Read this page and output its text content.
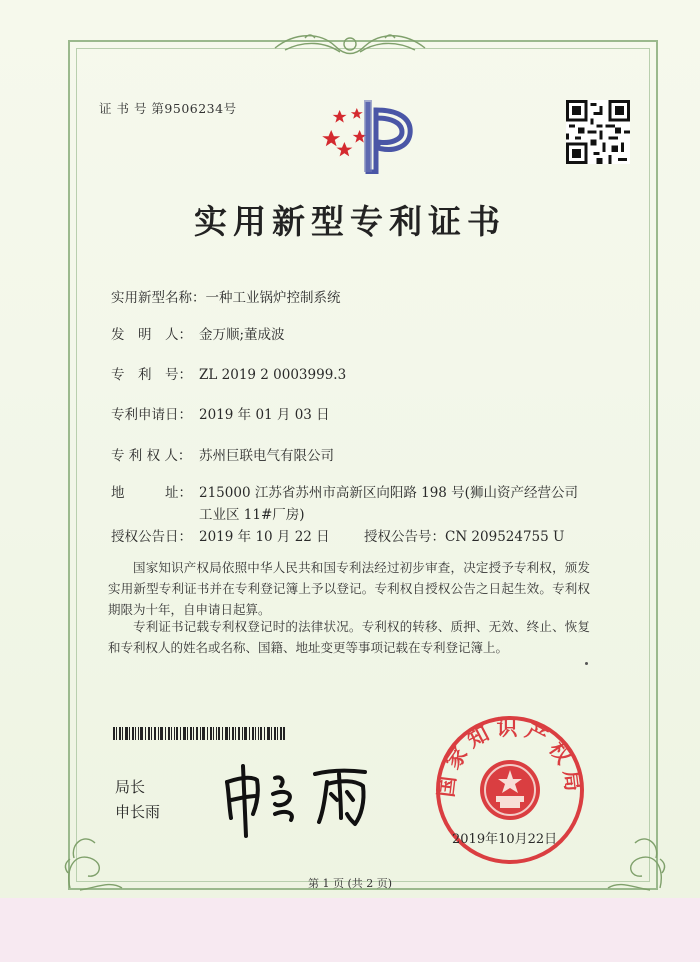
证 书 号 第9506234号
实用新型专利证书
实用新型名称：一种工业锅炉控制系统
发　明　人： 金万顺;董成波
专　利　号： ZL 2019 2 0003999.3
专利申请日： 2019 年 01 月 03 日
专 利 权 人： 苏州巨联电气有限公司
地　　　址： 215000 江苏省苏州市高新区向阳路 198 号(狮山资产经营公司工业区 11#厂房)
授权公告日： 2019 年 10 月 22 日	授权公告号：CN 209524755 U
国家知识产权局依照中华人民共和国专利法经过初步审查，决定授予专利权，颁发实用新型专利证书并在专利登记簿上予以登记。专利权自授权公告之日起生效。专利权期限为十年，自申请日起算。
专利证书记载专利权登记时的法律状况。专利权的转移、质押、无效、终止、恢复和专利权人的姓名或名称、国籍、地址变更等事项记载在专利登记簿上。
局长
申长雨
国家知识产权局
2019年10月22日
第 1 页 (共 2 页)
